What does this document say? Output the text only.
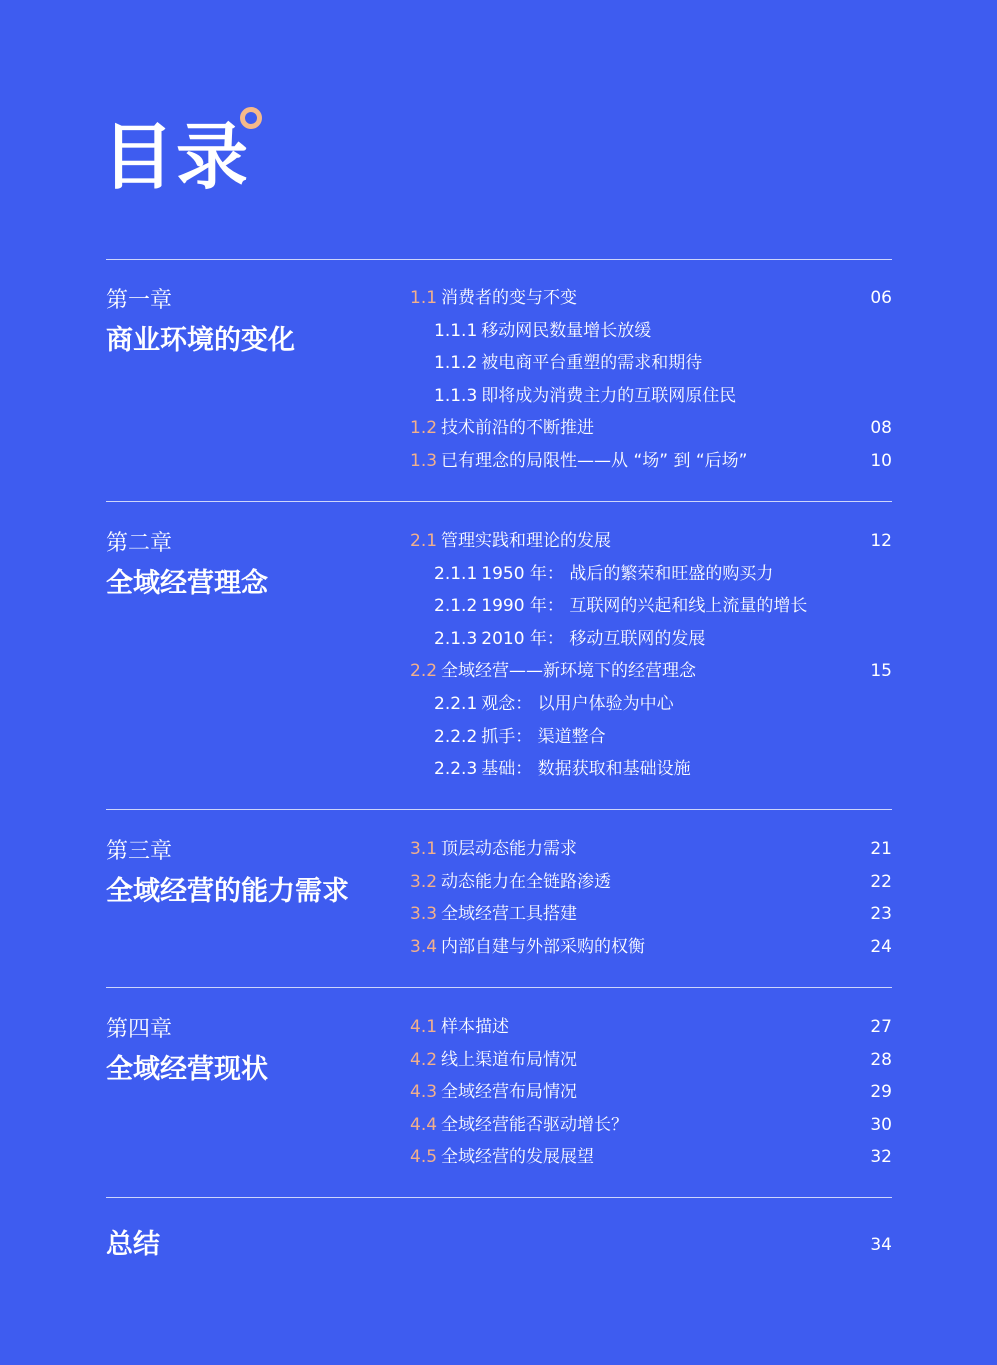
目录
第一章
商业环境的变化
1.1 消费者的变与不变	06
1.1.1 移动网民数量增长放缓
1.1.2 被电商平台重塑的需求和期待
1.1.3 即将成为消费主力的互联网原住民
1.2 技术前沿的不断推进	08
1.3 已有理念的局限性——从 “场” 到 “后场”	10
第二章
全域经营理念
2.1 管理实践和理论的发展	12
2.1.1 1950 年： 战后的繁荣和旺盛的购买力
2.1.2 1990 年： 互联网的兴起和线上流量的增长
2.1.3 2010 年： 移动互联网的发展
2.2 全域经营——新环境下的经营理念	15
2.2.1 观念： 以用户体验为中心
2.2.2 抓手： 渠道整合
2.2.3 基础： 数据获取和基础设施
第三章
全域经营的能力需求
3.1 顶层动态能力需求	21
3.2 动态能力在全链路渗透	22
3.3 全域经营工具搭建	23
3.4 内部自建与外部采购的权衡	24
第四章
全域经营现状
4.1 样本描述	27
4.2 线上渠道布局情况	28
4.3 全域经营布局情况	29
4.4 全域经营能否驱动增长？	30
4.5 全域经营的发展展望	32
总结	34
